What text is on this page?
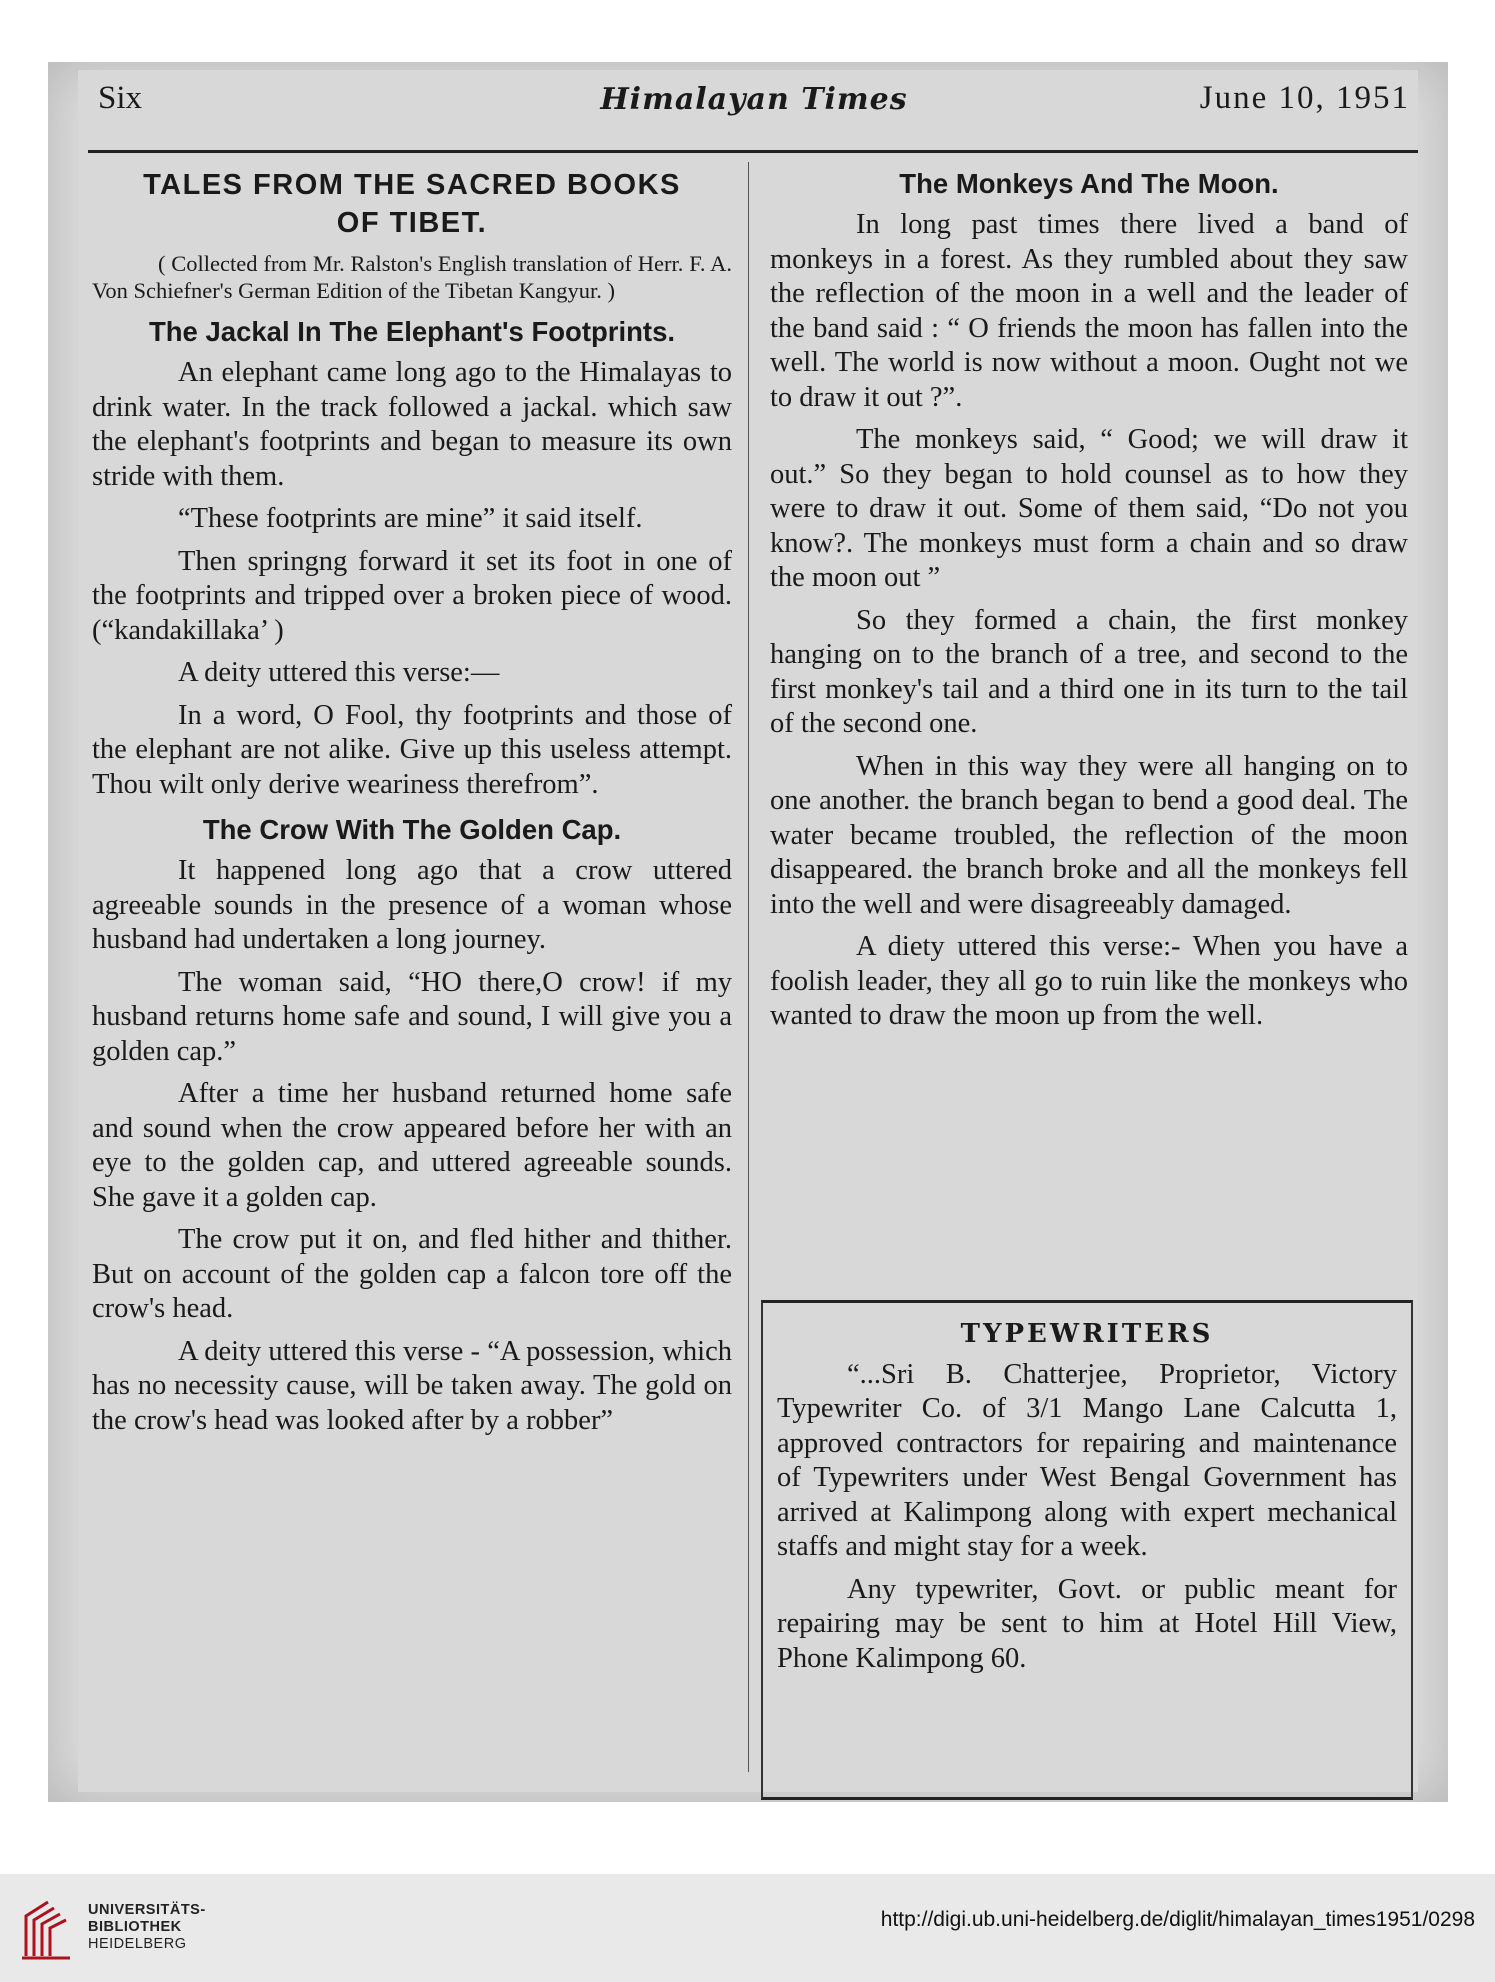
Six	Himalayan Times	June 10, 1951
TALES FROM THE SACRED BOOKS
OF TIBET.
( Collected from Mr. Ralston's English translation of Herr. F. A. Von Schiefner's German Edition of the Tibetan Kangyur. )
The Jackal In The Elephant's Footprints.

An elephant came long ago to the Himalayas to drink water. In the track followed a jackal. which saw the elephant's footprints and began to measure its own stride with them.

“These footprints are mine” it said itself.

Then springng forward it set its foot in one of the footprints and tripped over a broken piece of wood. (“kandakillaka’ )

A deity uttered this verse:—

In a word, O Fool, thy footprints and those of the elephant are not alike. Give up this useless attempt. Thou wilt only derive weariness therefrom”.

The Crow With The Golden Cap.

It happened long ago that a crow uttered agreeable sounds in the presence of a woman whose husband had undertaken a long journey.

The woman said, “HO there,O crow! if my husband returns home safe and sound, I will give you a golden cap.”

After a time her husband returned home safe and sound when the crow appeared before her with an eye to the golden cap, and uttered agreeable sounds. She gave it a golden cap.

The crow put it on, and fled hither and thither. But on account of the golden cap a falcon tore off the crow's head.

A deity uttered this verse - “A possession, which has no necessity cause, will be taken away. The gold on the crow's head was looked after by a robber”

The Monkeys And The Moon.

In long past times there lived a band of monkeys in a forest. As they rumbled about they saw the reflection of the moon in a well and the leader of the band said : “ O friends the moon has fallen into the well. The world is now without a moon. Ought not we to draw it out ?”.

The monkeys said, “ Good; we will draw it out.” So they began to hold counsel as to how they were to draw it out. Some of them said, “Do not you know?. The monkeys must form a chain and so draw the moon out ”

So they formed a chain, the first monkey hanging on to the branch of a tree, and second to the first monkey's tail and a third one in its turn to the tail of the second one.

When in this way they were all hanging on to one another. the branch began to bend a good deal. The water became troubled, the reflection of the moon disappeared. the branch broke and all the monkeys fell into the well and were disagreeably damaged.

A diety uttered this verse:- When you have a foolish leader, they all go to ruin like the monkeys who wanted to draw the moon up from the well.

TYPEWRITERS

“...Sri B. Chatterjee, Proprietor, Victory Typewriter Co. of 3/1 Mango Lane Calcutta 1, approved contractors for repairing and maintenance of Typewriters under West Bengal Government has arrived at Kalimpong along with expert mechanical staffs and might stay for a week.

Any typewriter, Govt. or public meant for repairing may be sent to him at Hotel Hill View, Phone Kalimpong 60.

UNIVERSITÄTS-
BIBLIOTHEK
HEIDELBERG
http://digi.ub.uni-heidelberg.de/diglit/himalayan_times1951/0298
